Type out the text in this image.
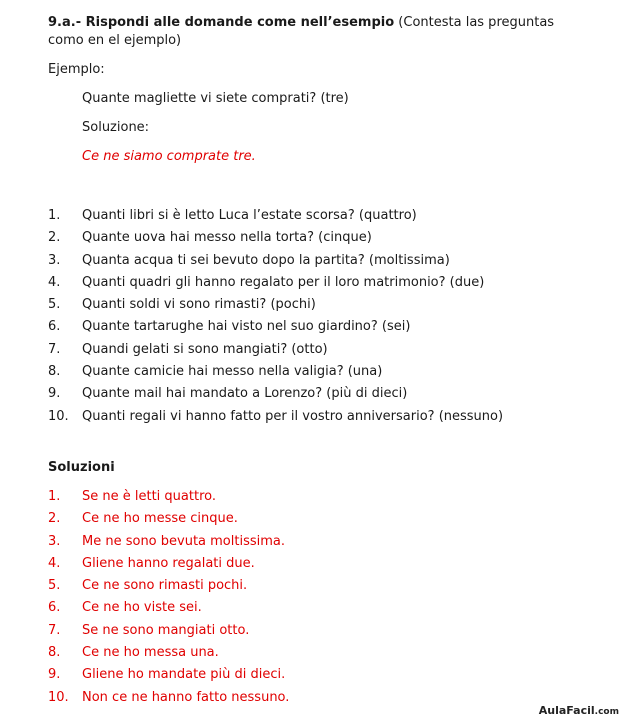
9.a.- Rispondi alle domande come nell’esempio (Contesta las preguntas como en el ejemplo)
Ejemplo:
Quante magliette vi siete comprati? (tre)
Soluzione:
Ce ne siamo comprate tre.
1.	Quanti libri si è letto Luca l’estate scorsa? (quattro)
2.	Quante uova hai messo nella torta? (cinque)
3.	Quanta acqua ti sei bevuto dopo la partita? (moltissima)
4.	Quanti quadri gli hanno regalato per il loro matrimonio? (due)
5.	Quanti soldi vi sono rimasti? (pochi)
6.	Quante tartarughe hai visto nel suo giardino? (sei)
7.	Quandi gelati si sono mangiati? (otto)
8.	Quante camicie hai messo nella valigia? (una)
9.	Quante mail hai mandato a Lorenzo? (più di dieci)
10.	Quanti regali vi hanno fatto per il vostro anniversario? (nessuno)
Soluzioni
1.	Se ne è letti quattro.
2.	Ce ne ho messe cinque.
3.	Me ne sono bevuta moltissima.
4.	Gliene hanno regalati due.
5.	Ce ne sono rimasti pochi.
6.	Ce ne ho viste sei.
7.	Se ne sono mangiati otto.
8.	Ce ne ho messa una.
9.	Gliene ho mandate più di dieci.
10.	Non ce ne hanno fatto nessuno.
AulaFacil.com
